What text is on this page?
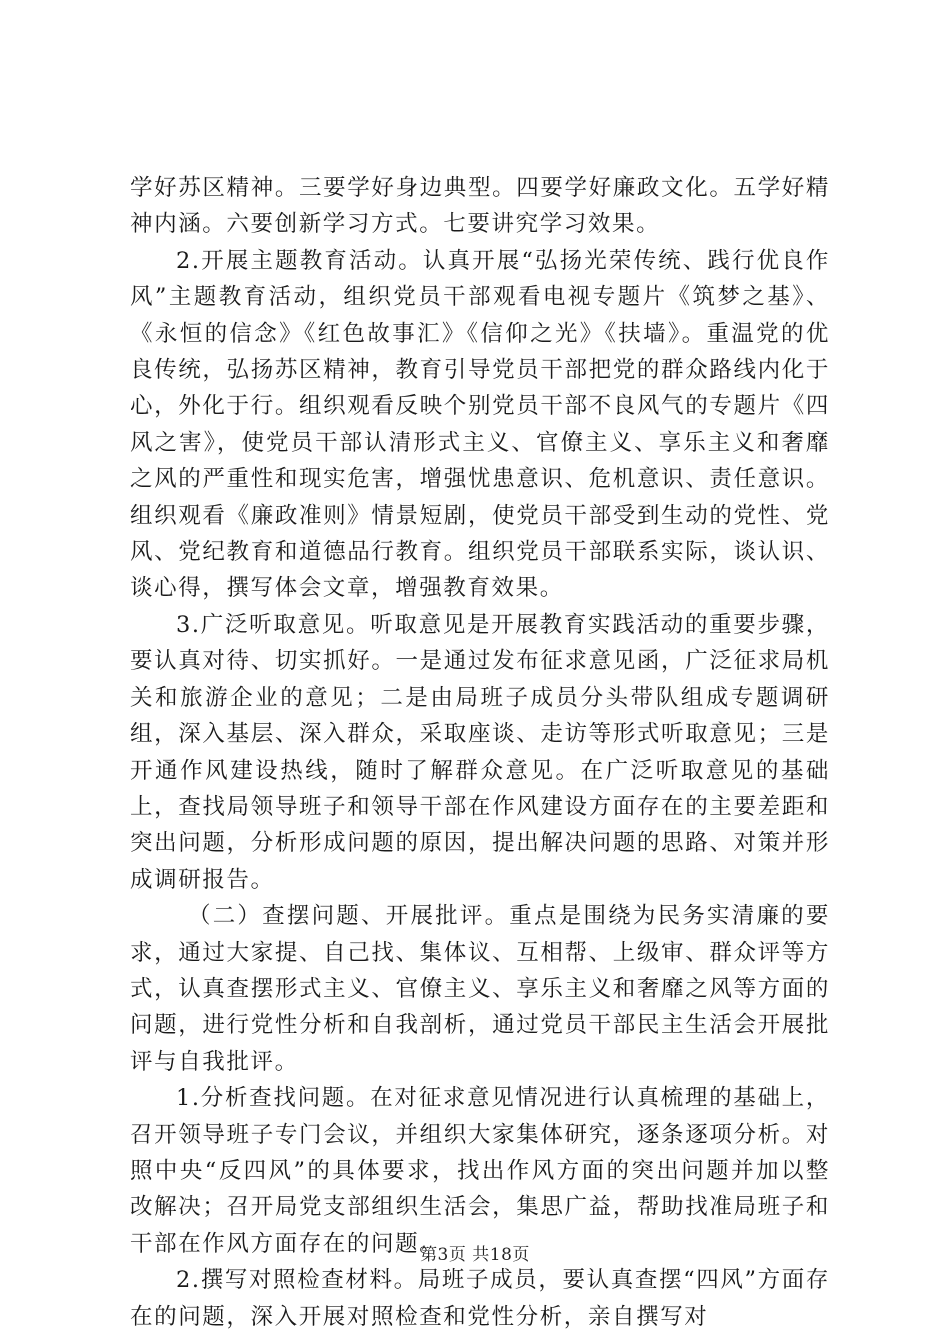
学好苏区精神。三要学好身边典型。四要学好廉政文化。五学好精神内涵。六要创新学习方式。七要讲究学习效果。

2.开展主题教育活动。认真开展“弘扬光荣传统、践行优良作风”主题教育活动，组织党员干部观看电视专题片《筑梦之基》、《永恒的信念》《红色故事汇》《信仰之光》《扶墙》。重温党的优良传统，弘扬苏区精神，教育引导党员干部把党的群众路线内化于心，外化于行。组织观看反映个别党员干部不良风气的专题片《四风之害》，使党员干部认清形式主义、官僚主义、享乐主义和奢靡之风的严重性和现实危害，增强忧患意识、危机意识、责任意识。组织观看《廉政准则》情景短剧，使党员干部受到生动的党性、党风、党纪教育和道德品行教育。组织党员干部联系实际，谈认识、谈心得，撰写体会文章，增强教育效果。

3.广泛听取意见。听取意见是开展教育实践活动的重要步骤，要认真对待、切实抓好。一是通过发布征求意见函，广泛征求局机关和旅游企业的意见；二是由局班子成员分头带队组成专题调研组，深入基层、深入群众，采取座谈、走访等形式听取意见；三是开通作风建设热线，随时了解群众意见。在广泛听取意见的基础上，查找局领导班子和领导干部在作风建设方面存在的主要差距和突出问题，分析形成问题的原因，提出解决问题的思路、对策并形成调研报告。

（二）查摆问题、开展批评。重点是围绕为民务实清廉的要求，通过大家提、自己找、集体议、互相帮、上级审、群众评等方式，认真查摆形式主义、官僚主义、享乐主义和奢靡之风等方面的问题，进行党性分析和自我剖析，通过党员干部民主生活会开展批评与自我批评。

1.分析查找问题。在对征求意见情况进行认真梳理的基础上，召开领导班子专门会议，并组织大家集体研究，逐条逐项分析。对照中央“反四风”的具体要求，找出作风方面的突出问题并加以整改解决；召开局党支部组织生活会，集思广益，帮助找准局班子和干部在作风方面存在的问题。

2.撰写对照检查材料。局班子成员，要认真查摆“四风”方面存在的问题，深入开展对照检查和党性分析，亲自撰写对

第3页 共18页
